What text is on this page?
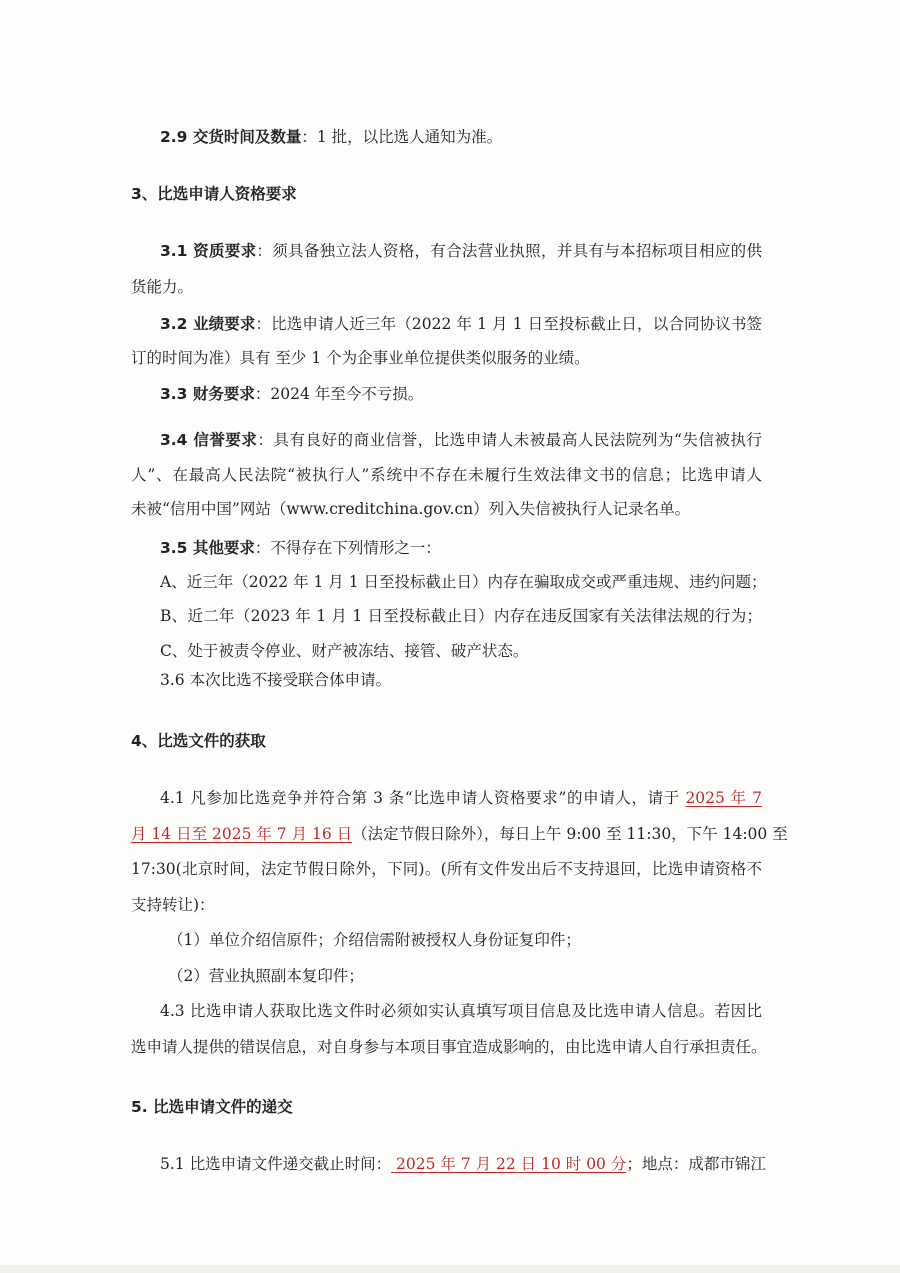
2.9 交货时间及数量：1 批，以比选人通知为准。
3、比选申请人资格要求
3.1 资质要求：须具备独立法人资格，有合法营业执照，并具有与本招标项目相应的供
货能力。
3.2 业绩要求：比选申请人近三年（2022 年 1 月 1 日至投标截止日，以合同协议书签
订的时间为准）具有 至少 1 个为企事业单位提供类似服务的业绩。
3.3 财务要求：2024 年至今不亏损。
3.4 信誉要求：具有良好的商业信誉，比选申请人未被最高人民法院列为“失信被执行
人”、在最高人民法院“被执行人”系统中不存在未履行生效法律文书的信息；比选申请人
未被“信用中国”网站（www.creditchina.gov.cn）列入失信被执行人记录名单。
3.5 其他要求：不得存在下列情形之一：
A、近三年（2022 年 1 月 1 日至投标截止日）内存在骗取成交或严重违规、违约问题；
B、近二年（2023 年 1 月 1 日至投标截止日）内存在违反国家有关法律法规的行为；
C、处于被责令停业、财产被冻结、接管、破产状态。
3.6 本次比选不接受联合体申请。
4、比选文件的获取
4.1 凡参加比选竞争并符合第 3 条“比选申请人资格要求”的申请人，请于 2025 年 7
月 14 日至 2025 年 7 月 16 日（法定节假日除外），每日上午 9:00 至 11:30，下午 14:00 至
17:30(北京时间，法定节假日除外，下同)。(所有文件发出后不支持退回，比选申请资格不
支持转让)：
（1）单位介绍信原件；介绍信需附被授权人身份证复印件；
（2）营业执照副本复印件；
4.3 比选申请人获取比选文件时必须如实认真填写项目信息及比选申请人信息。若因比
选申请人提供的错误信息，对自身参与本项目事宜造成影响的，由比选申请人自行承担责任。
5. 比选申请文件的递交
5.1 比选申请文件递交截止时间： 2025 年 7 月 22 日 10 时 00 分；地点：成都市锦江
